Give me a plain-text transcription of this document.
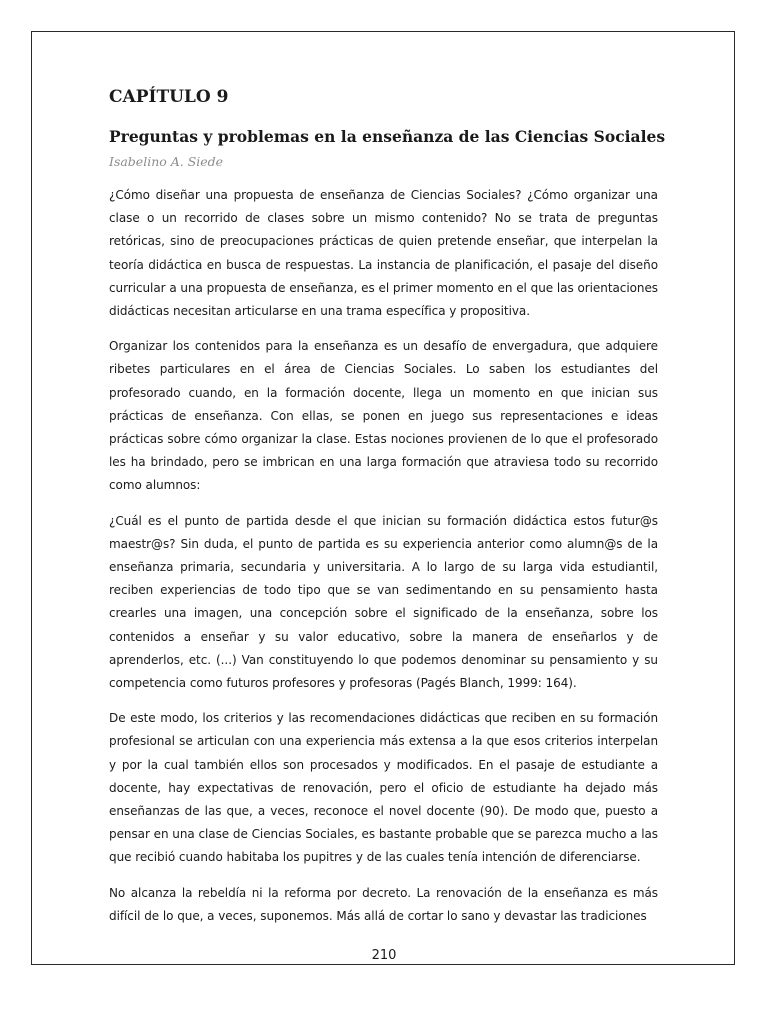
CAPÍTULO 9
Preguntas y problemas en la enseñanza de las Ciencias Sociales

Isabelino A. Siede

¿Cómo diseñar una propuesta de enseñanza de Ciencias Sociales? ¿Cómo organizar una clase o un recorrido de clases sobre un mismo contenido? No se trata de preguntas retóricas, sino de preocupaciones prácticas de quien pretende enseñar, que interpelan la teoría didáctica en busca de respuestas. La instancia de planificación, el pasaje del diseño curricular a una propuesta de enseñanza, es el primer momento en el que las orientaciones didácticas necesitan articularse en una trama específica y propositiva.

Organizar los contenidos para la enseñanza es un desafío de envergadura, que adquiere ribetes particulares en el área de Ciencias Sociales. Lo saben los estudiantes del profesorado cuando, en la formación docente, llega un momento en que inician sus prácticas de enseñanza. Con ellas, se ponen en juego sus representaciones e ideas prácticas sobre cómo organizar la clase. Estas nociones provienen de lo que el profesorado les ha brindado, pero se imbrican en una larga formación que atraviesa todo su recorrido como alumnos:

¿Cuál es el punto de partida desde el que inician su formación didáctica estos futur@s maestr@s? Sin duda, el punto de partida es su experiencia anterior como alumn@s de la enseñanza primaria, secundaria y universitaria. A lo largo de su larga vida estudiantil, reciben experiencias de todo tipo que se van sedimentando en su pensamiento hasta crearles una imagen, una concepción sobre el significado de la enseñanza, sobre los contenidos a enseñar y su valor educativo, sobre la manera de enseñarlos y de aprenderlos, etc. (...) Van constituyendo lo que podemos denominar su pensamiento y su competencia como futuros profesores y profesoras (Pagés Blanch, 1999: 164).

De este modo, los criterios y las recomendaciones didácticas que reciben en su formación profesional se articulan con una experiencia más extensa a la que esos criterios interpelan y por la cual también ellos son procesados y modificados. En el pasaje de estudiante a docente, hay expectativas de renovación, pero el oficio de estudiante ha dejado más enseñanzas de las que, a veces, reconoce el novel docente (90). De modo que, puesto a pensar en una clase de Ciencias Sociales, es bastante probable que se parezca mucho a las que recibió cuando habitaba los pupitres y de las cuales tenía intención de diferenciarse.

No alcanza la rebeldía ni la reforma por decreto. La renovación de la enseñanza es más difícil de lo que, a veces, suponemos. Más allá de cortar lo sano y devastar las tradiciones

210
